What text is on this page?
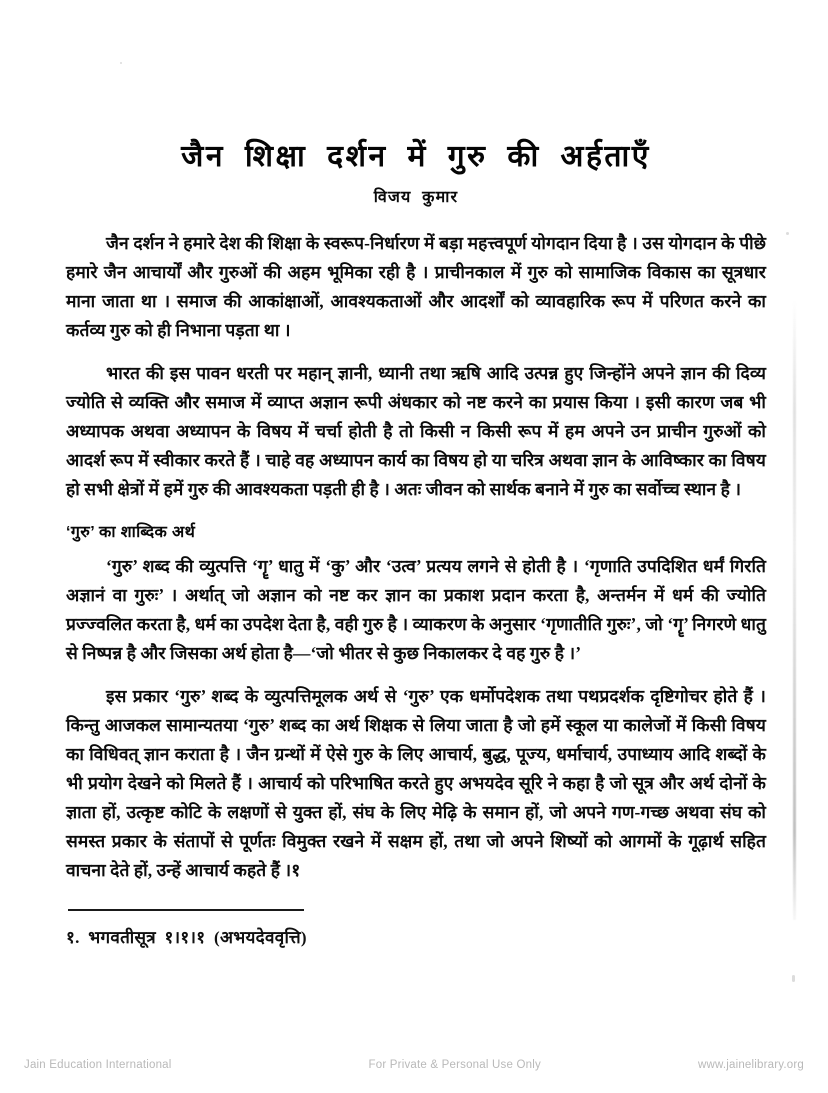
जैन शिक्षा दर्शन में गुरु की अर्हताएँ
विजय कुमार

जैन दर्शन ने हमारे देश की शिक्षा के स्वरूप-निर्धारण में बड़ा महत्त्वपूर्ण योगदान दिया है । उस योगदान के पीछे हमारे जैन आचार्यों और गुरुओं की अहम भूमिका रही है । प्राचीनकाल में गुरु को सामाजिक विकास का सूत्रधार माना जाता था । समाज की आकांक्षाओं, आवश्यकताओं और आदर्शों को व्यावहारिक रूप में परिणत करने का कर्तव्य गुरु को ही निभाना पड़ता था ।

भारत की इस पावन धरती पर महान् ज्ञानी, ध्यानी तथा ऋषि आदि उत्पन्न हुए जिन्होंने अपने ज्ञान की दिव्य ज्योति से व्यक्ति और समाज में व्याप्त अज्ञान रूपी अंधकार को नष्ट करने का प्रयास किया । इसी कारण जब भी अध्यापक अथवा अध्यापन के विषय में चर्चा होती है तो किसी न किसी रूप में हम अपने उन प्राचीन गुरुओं को आदर्श रूप में स्वीकार करते हैं । चाहे वह अध्यापन कार्य का विषय हो या चरित्र अथवा ज्ञान के आविष्कार का विषय हो सभी क्षेत्रों में हमें गुरु की आवश्यकता पड़ती ही है । अतः जीवन को सार्थक बनाने में गुरु का सर्वोच्च स्थान है ।

‘गुरु’ का शाब्दिक अर्थ

‘गुरु’ शब्द की व्युत्पत्ति ‘गॄ’ धातु में ‘कु’ और ‘उत्व’ प्रत्यय लगने से होती है । ‘गृणाति उपदिशित धर्मं गिरति अज्ञानं वा गुरुः’ । अर्थात् जो अज्ञान को नष्ट कर ज्ञान का प्रकाश प्रदान करता है, अन्तर्मन में धर्म की ज्योति प्रज्ज्वलित करता है, धर्म का उपदेश देता है, वही गुरु है । व्याकरण के अनुसार ‘गृणातीति गुरुः’, जो ‘गॄ’ निगरणे धातु से निष्पन्न है और जिसका अर्थ होता है—‘जो भीतर से कुछ निकालकर दे वह गुरु है ।’

इस प्रकार ‘गुरु’ शब्द के व्युत्पत्तिमूलक अर्थ से ‘गुरु’ एक धर्मोपदेशक तथा पथप्रदर्शक दृष्टिगोचर होते हैं । किन्तु आजकल सामान्यतया ‘गुरु’ शब्द का अर्थ शिक्षक से लिया जाता है जो हमें स्कूल या कालेजों में किसी विषय का विधिवत् ज्ञान कराता है । जैन ग्रन्थों में ऐसे गुरु के लिए आचार्य, बुद्ध, पूज्य, धर्माचार्य, उपाध्याय आदि शब्दों के भी प्रयोग देखने को मिलते हैं । आचार्य को परिभाषित करते हुए अभयदेव सूरि ने कहा है जो सूत्र और अर्थ दोनों के ज्ञाता हों, उत्कृष्ट कोटि के लक्षणों से युक्त हों, संघ के लिए मेढ़ि के समान हों, जो अपने गण-गच्छ अथवा संघ को समस्त प्रकार के संतापों से पूर्णतः विमुक्त रखने में सक्षम हों, तथा जो अपने शिष्यों को आगमों के गूढ़ार्थ सहित वाचना देते हों, उन्हें आचार्य कहते हैं ।१

१. भगवतीसूत्र १।१।१ (अभयदेववृत्ति)

Jain Education International	For Private & Personal Use Only	www.jainelibrary.org
